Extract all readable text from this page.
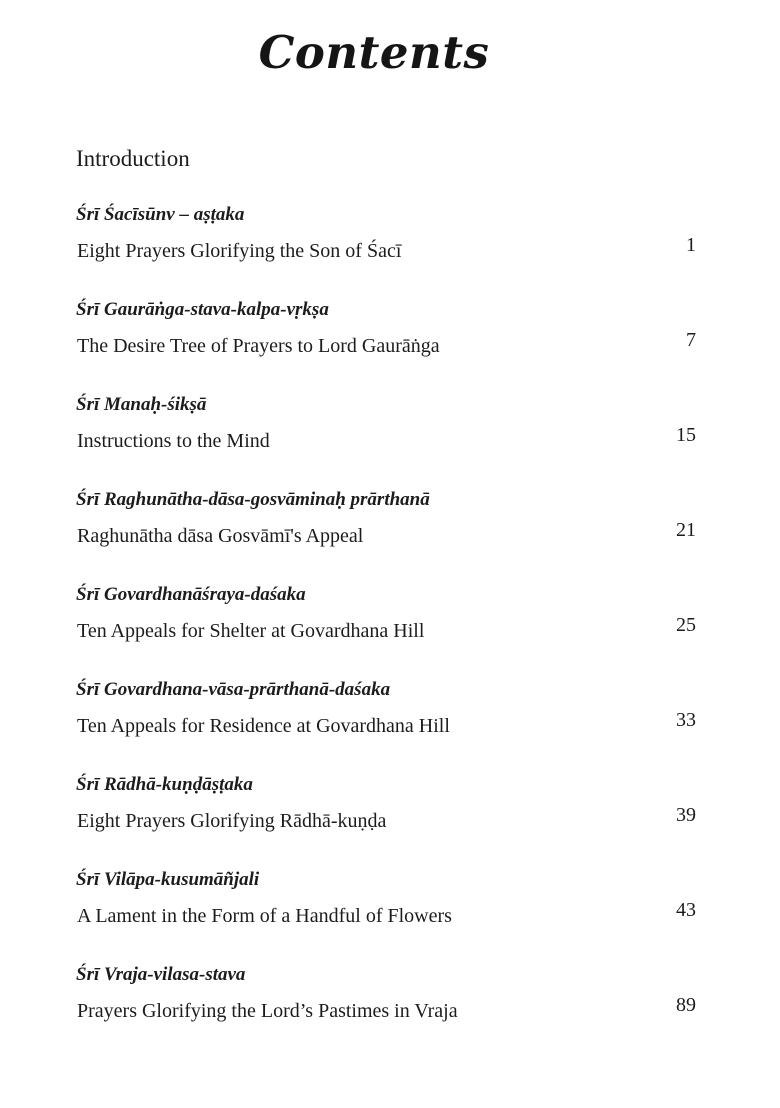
Contents
Introduction
Śrī Śacīsūnv – aṣṭaka
Eight Prayers Glorifying the Son of Śacī	1
Śrī Gaurāṅga-stava-kalpa-vṛkṣa
The Desire Tree of Prayers to Lord Gaurāṅga	7
Śrī Manaḥ-śikṣā
Instructions to the Mind	15
Śrī Raghunātha-dāsa-gosvāminaḥ prārthanā
Raghunātha dāsa Gosvāmī's Appeal	21
Śrī Govardhanāśraya-daśaka
Ten Appeals for Shelter at Govardhana Hill	25
Śrī Govardhana-vāsa-prārthanā-daśaka
Ten Appeals for Residence at Govardhana Hill	33
Śrī Rādhā-kuṇḍāṣṭaka
Eight Prayers Glorifying Rādhā-kuṇḍa	39
Śrī Vilāpa-kusumāñjali
A Lament in the Form of a Handful of Flowers	43
Śrī Vraja-vilasa-stava
Prayers Glorifying the Lord’s Pastimes in Vraja	89
